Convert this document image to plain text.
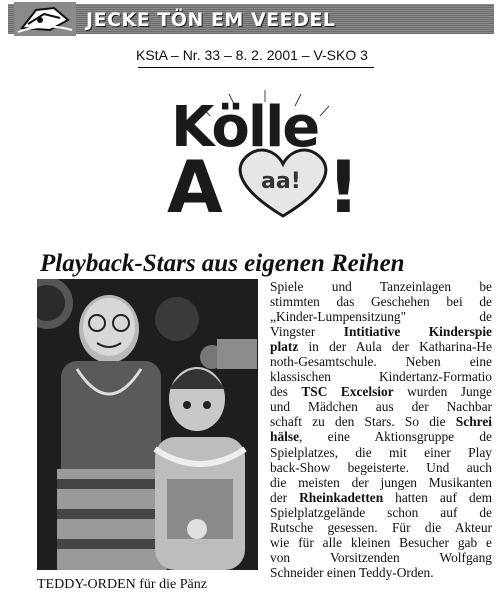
JECKE TÖN EM VEEDEL
KStA – Nr. 33 – 8. 2. 2001 – V-SKO 3
Kölle
A aa! !
Playback-Stars aus eigenen Reihen
TEDDY-ORDEN für die Pänz
Spiele und Tanzeinlagen be
stimmten das Geschehen bei de
„Kinder-Lumpensitzung" de
Vingster Intitiative Kinderspie
platz in der Aula der Katharina-He
noth-Gesamtschule. Neben eine
klassischen Kindertanz-Formatio
des TSC Excelsior wurden Junge
und Mädchen aus der Nachbar
schaft zu den Stars. So die Schrei
hälse, eine Aktionsgruppe de
Spielplatzes, die mit einer Play
back-Show begeisterte. Und auch
die meisten der jungen Musikanten
der Rheinkadetten hatten auf dem
Spielplatzgelände schon auf de
Rutsche gesessen. Für die Akteur
wie für alle kleinen Besucher gab e
von Vorsitzenden Wolfgang
Schneider einen Teddy-Orden.
